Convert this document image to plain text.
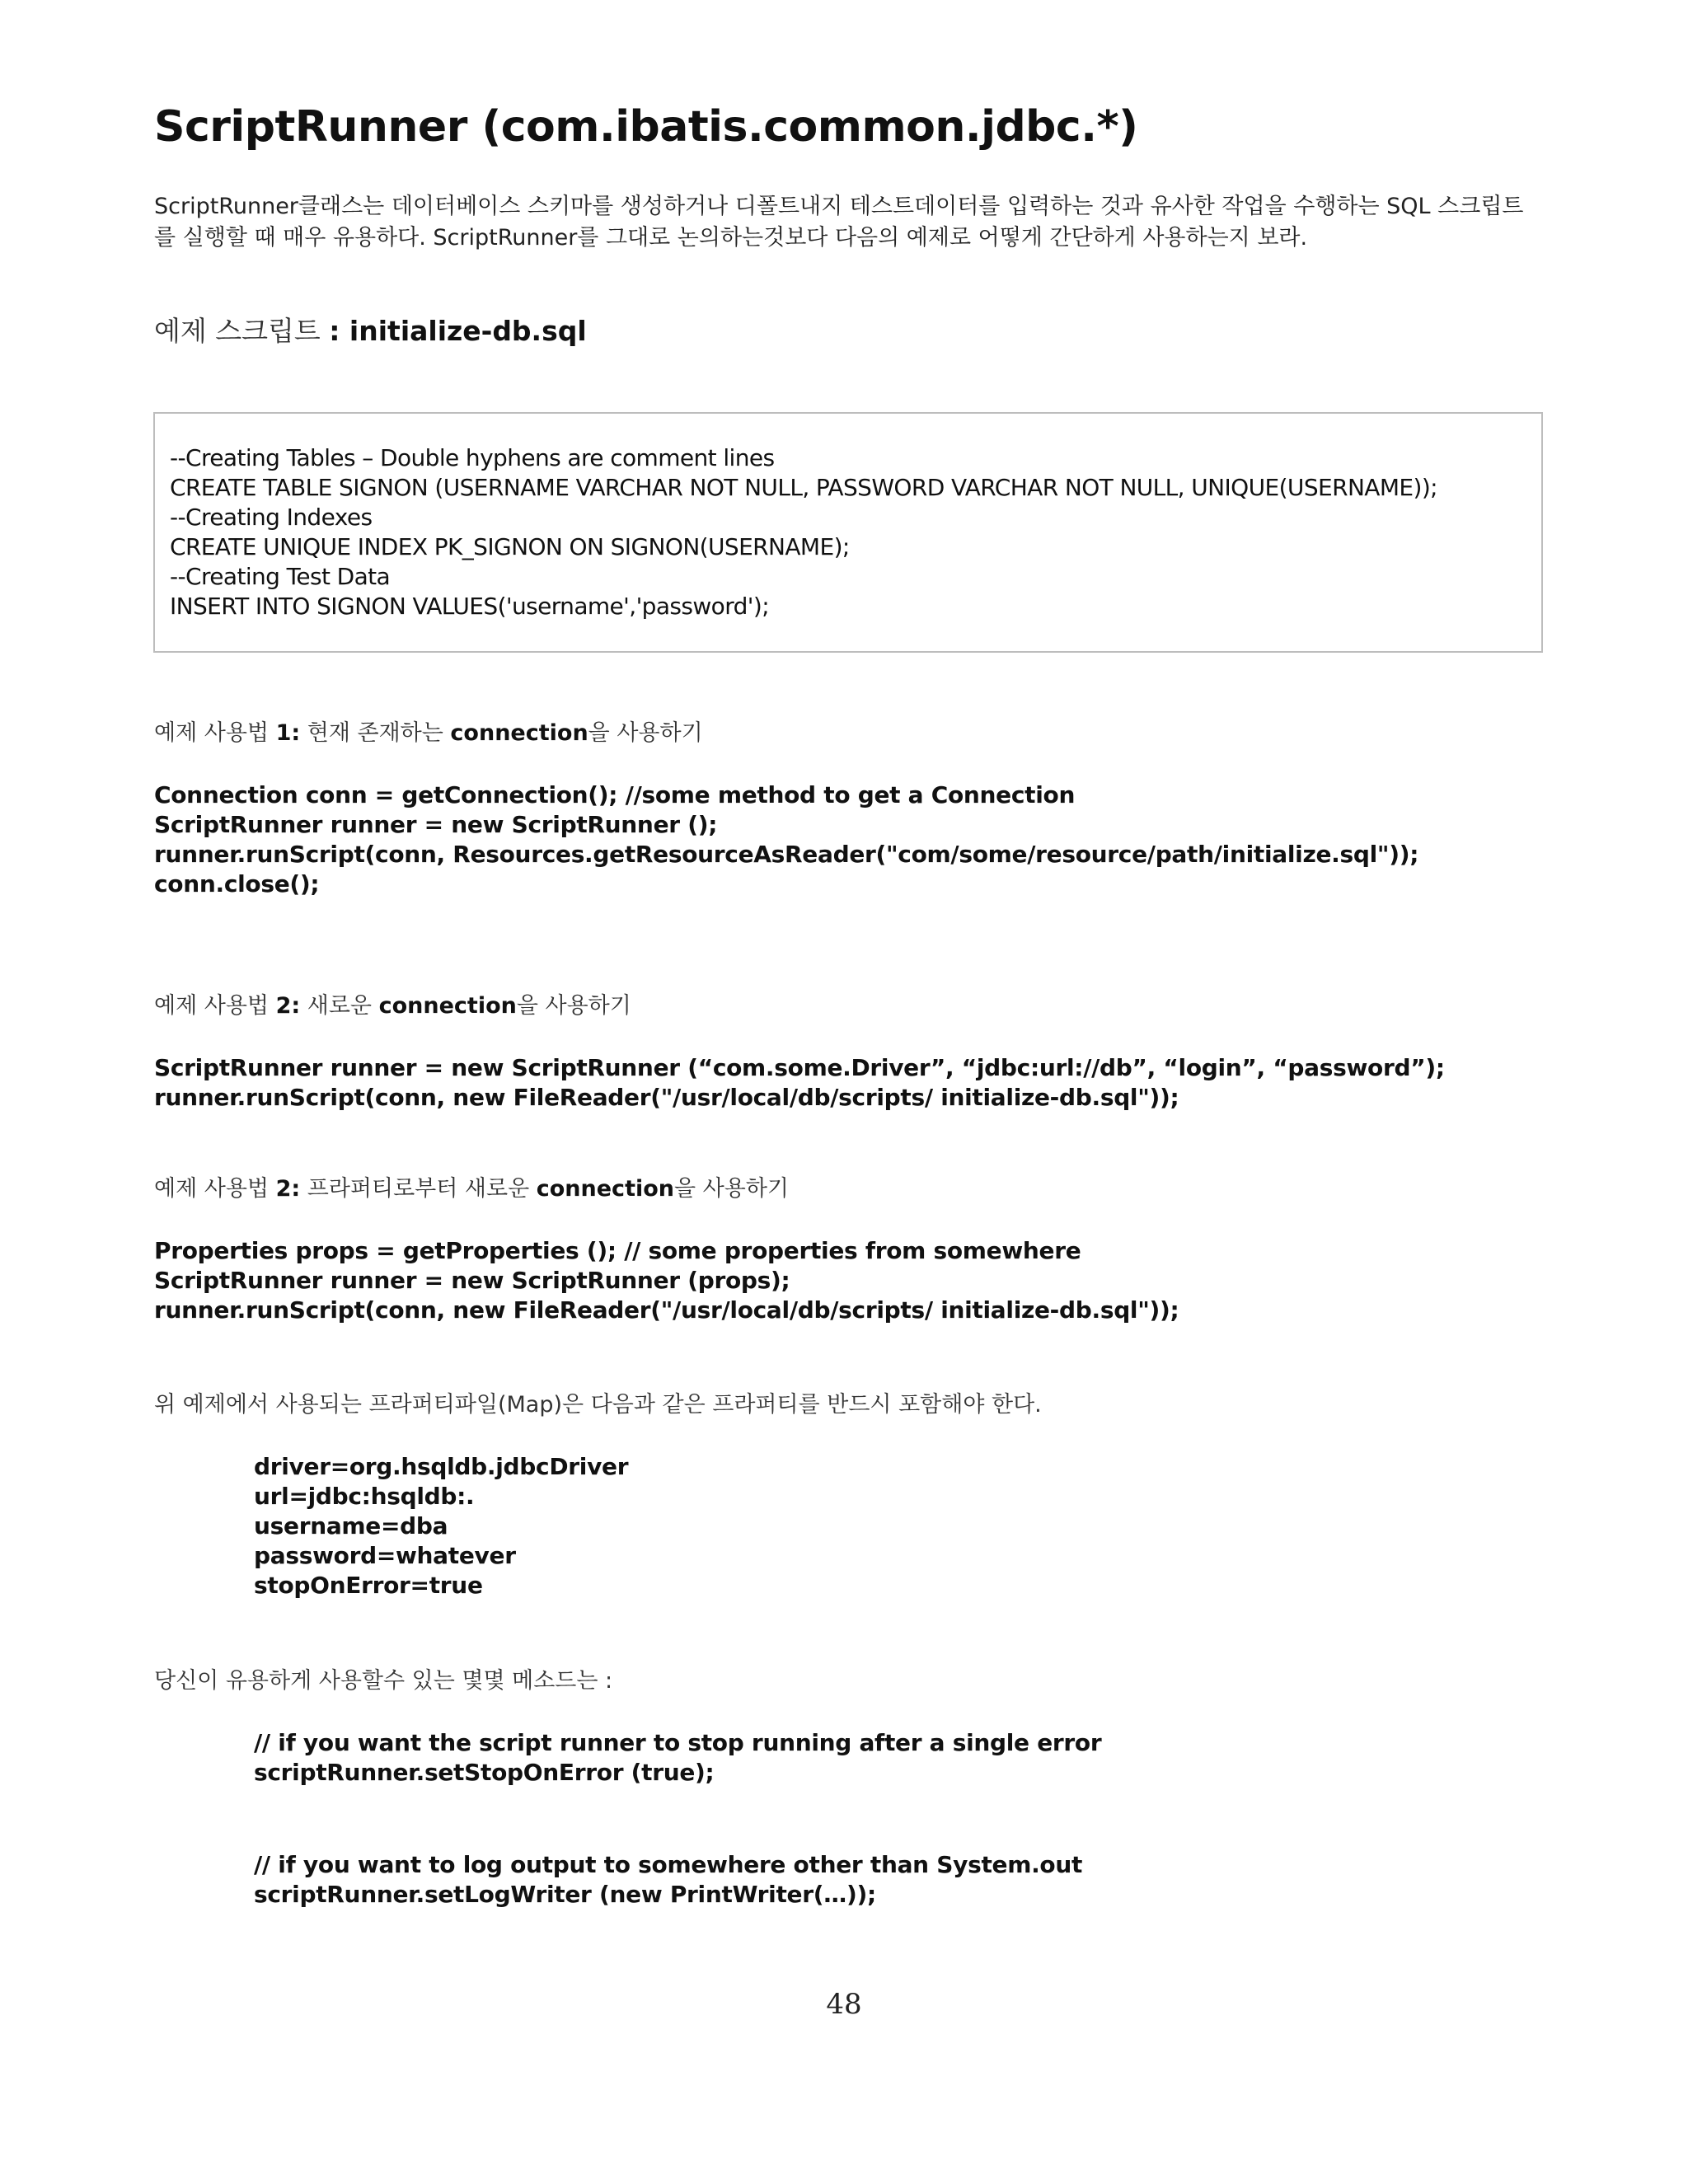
ScriptRunner (com.ibatis.common.jdbc.*)

ScriptRunner클래스는 데이터베이스 스키마를 생성하거나 디폴트내지 테스트데이터를 입력하는 것과 유사한 작업을 수행하는 SQL 스크립트를 실행할 때 매우 유용하다. ScriptRunner를 그대로 논의하는것보다 다음의 예제로 어떻게 간단하게 사용하는지 보라.

예제 스크립트 : initialize-db.sql

--Creating Tables – Double hyphens are comment lines

CREATE TABLE SIGNON (USERNAME VARCHAR NOT NULL, PASSWORD VARCHAR NOT NULL, UNIQUE(USERNAME));

--Creating Indexes

CREATE UNIQUE INDEX PK_SIGNON ON SIGNON(USERNAME);

--Creating Test Data

INSERT INTO SIGNON VALUES('username','password');

예제 사용법 1: 현재 존재하는 connection을 사용하기

Connection conn = getConnection(); //some method to get a Connection

ScriptRunner runner = new ScriptRunner ();

runner.runScript(conn, Resources.getResourceAsReader("com/some/resource/path/initialize.sql"));

conn.close();

예제 사용법 2: 새로운 connection을 사용하기

ScriptRunner runner = new ScriptRunner (“com.some.Driver”, “jdbc:url://db”, “login”, “password”);

runner.runScript(conn, new FileReader("/usr/local/db/scripts/ initialize-db.sql"));

예제 사용법 2: 프라퍼티로부터 새로운 connection을 사용하기

Properties props = getProperties (); // some properties from somewhere

ScriptRunner runner = new ScriptRunner (props);

runner.runScript(conn, new FileReader("/usr/local/db/scripts/ initialize-db.sql"));

위 예제에서 사용되는 프라퍼티파일(Map)은 다음과 같은 프라퍼티를 반드시 포함해야 한다.

driver=org.hsqldb.jdbcDriver

url=jdbc:hsqldb:.

username=dba

password=whatever

stopOnError=true

당신이 유용하게 사용할수 있는 몇몇 메소드는 :

// if you want the script runner to stop running after a single error

scriptRunner.setStopOnError (true);

// if you want to log output to somewhere other than System.out

scriptRunner.setLogWriter (new PrintWriter(…));

48
